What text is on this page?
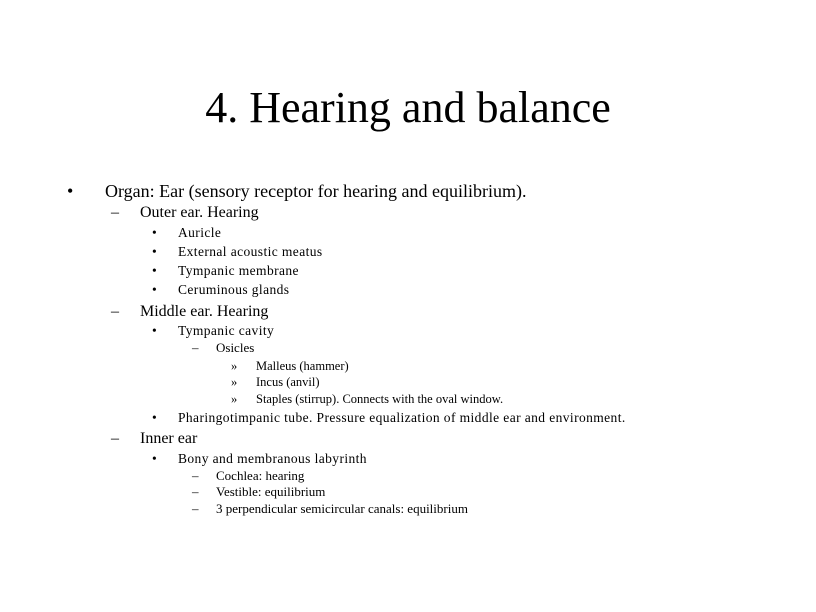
4. Hearing and balance
• Organ: Ear (sensory receptor for hearing and equilibrium).
– Outer ear. Hearing
• Auricle
• External acoustic meatus
• Tympanic membrane
• Ceruminous glands
– Middle ear. Hearing
• Tympanic cavity
– Osicles
» Malleus (hammer)
» Incus (anvil)
» Staples (stirrup). Connects with the oval window.
• Pharingotimpanic tube. Pressure equalization of middle ear and environment.
– Inner ear
• Bony and membranous labyrinth
– Cochlea: hearing
– Vestible: equilibrium
– 3 perpendicular semicircular canals: equilibrium
